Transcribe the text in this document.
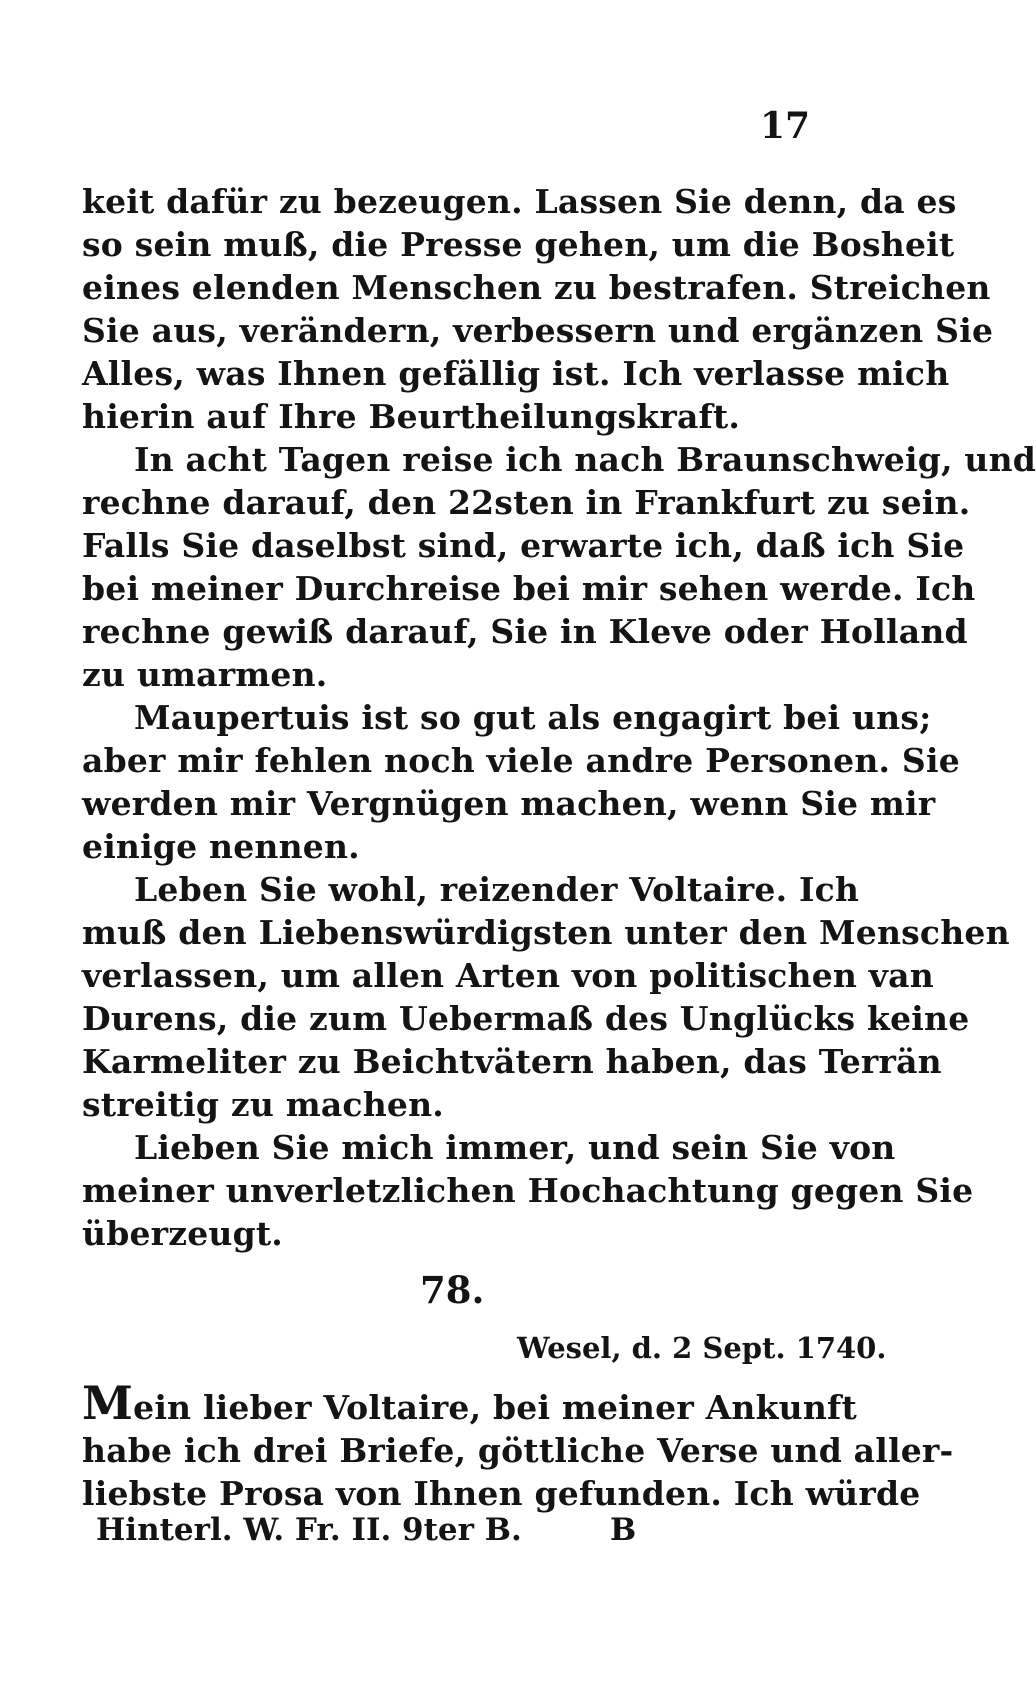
17
keit dafür zu bezeugen. Lassen Sie denn, da es
so sein muß, die Presse gehen, um die Bosheit
eines elenden Menschen zu bestrafen. Streichen
Sie aus, verändern, verbessern und ergänzen Sie
Alles, was Ihnen gefällig ist. Ich verlasse mich
hierin auf Ihre Beurtheilungskraft.
In acht Tagen reise ich nach Braunschweig, und
rechne darauf, den 22sten in Frankfurt zu sein.
Falls Sie daselbst sind, erwarte ich, daß ich Sie
bei meiner Durchreise bei mir sehen werde. Ich
rechne gewiß darauf, Sie in Kleve oder Holland
zu umarmen.
Maupertuis ist so gut als engagirt bei uns;
aber mir fehlen noch viele andre Personen. Sie
werden mir Vergnügen machen, wenn Sie mir
einige nennen.
Leben Sie wohl, reizender Voltaire. Ich
muß den Liebenswürdigsten unter den Menschen
verlassen, um allen Arten von politischen van
Durens, die zum Uebermaß des Unglücks keine
Karmeliter zu Beichtvätern haben, das Terrän
streitig zu machen.
Lieben Sie mich immer, und sein Sie von
meiner unverletzlichen Hochachtung gegen Sie
überzeugt.
78.
Wesel, d. 2 Sept. 1740.
Mein lieber Voltaire, bei meiner Ankunft
habe ich drei Briefe, göttliche Verse und aller-
liebste Prosa von Ihnen gefunden. Ich würde
Hinterl. W. Fr. II. 9ter B.	B
